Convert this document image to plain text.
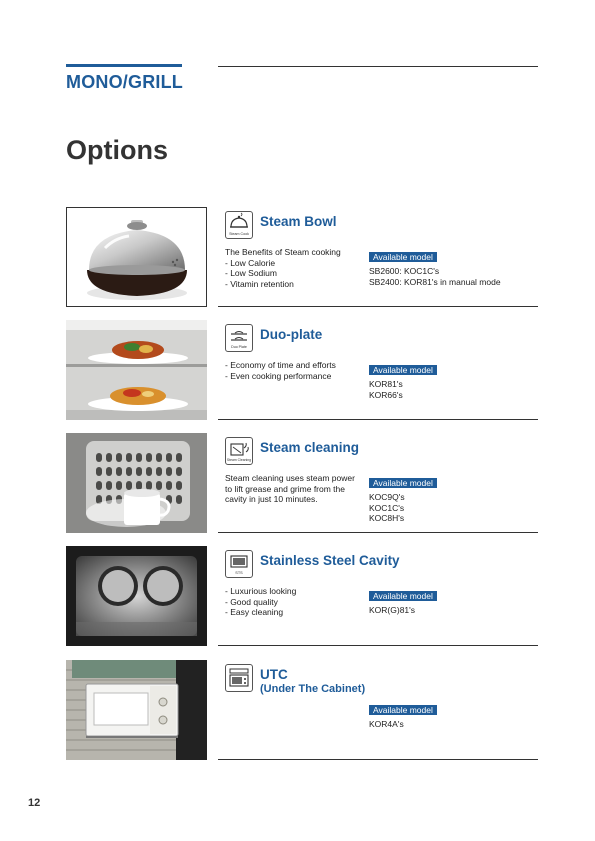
MONO/GRILL
Options
Steam Cook
Steam Bowl
The Benefits of Steam cooking
- Low Calorie
- Low Sodium
- Vitamin retention
Available model
SB2600: KOC1C's
SB2400: KOR81's in manual mode
Duo Plate
Duo-plate
- Economy of time and efforts
- Even cooking performance
Available model
KOR81's
KOR66's
Steam Cleaning
Steam cleaning
Steam cleaning uses steam power
to lift grease and grime from the
cavity in just 10 minutes.
Available model
KOC9Q's
KOC1C's
KOC8H's
STS
Stainless Steel Cavity
- Luxurious looking
- Good quality
- Easy cleaning
Available model
KOR(G)81's
UTC
(Under The Cabinet)
Available model
KOR4A's
12
